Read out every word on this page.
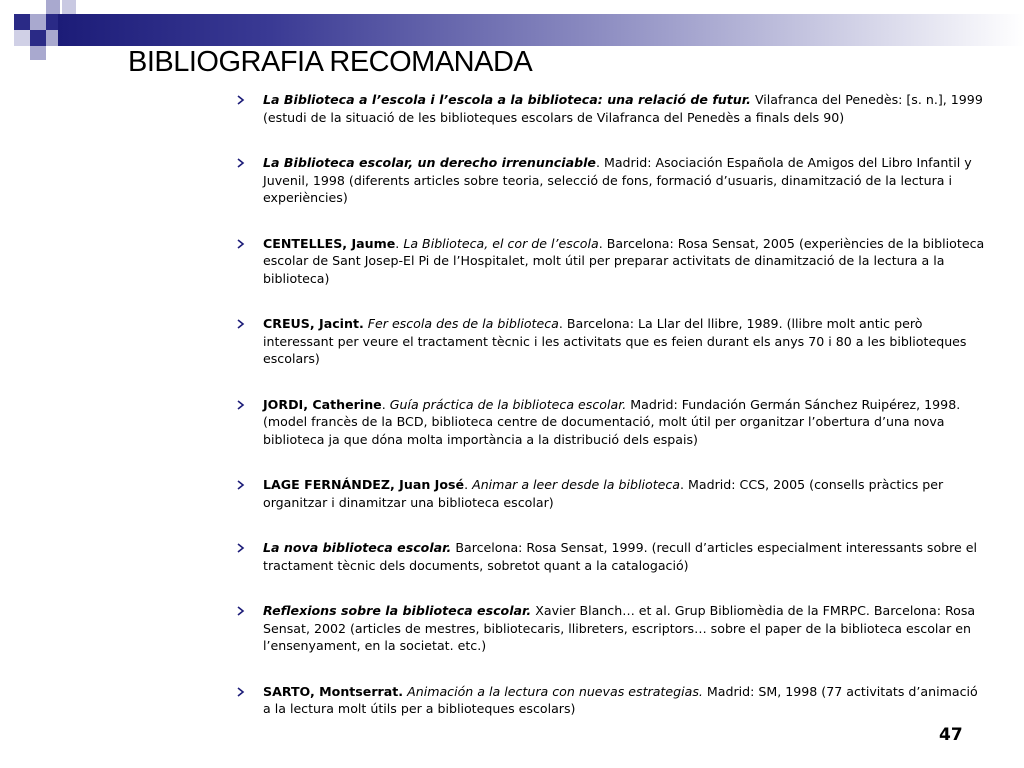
BIBLIOGRAFIA RECOMANADA
La Biblioteca a l’escola i l’escola a la biblioteca: una relació de futur. Vilafranca del Penedès: [s. n.], 1999 (estudi de la situació de les biblioteques escolars de Vilafranca del Penedès a finals dels 90)
La Biblioteca escolar, un derecho irrenunciable. Madrid: Asociación Española de Amigos del Libro Infantil y Juvenil, 1998 (diferents articles sobre teoria, selecció de fons, formació d’usuaris, dinamització de la lectura i experiències)
CENTELLES, Jaume. La Biblioteca, el cor de l’escola. Barcelona: Rosa Sensat, 2005 (experiències de la biblioteca escolar de Sant Josep-El Pi de l’Hospitalet, molt útil per preparar activitats de dinamització de la lectura a la biblioteca)
CREUS, Jacint. Fer escola des de la biblioteca. Barcelona: La Llar del llibre, 1989. (llibre molt antic però interessant per veure el tractament tècnic i les activitats que es feien durant els anys 70 i 80 a les biblioteques escolars)
JORDI, Catherine. Guía práctica de la biblioteca escolar. Madrid: Fundación Germán Sánchez Ruipérez, 1998. (model francès de la BCD, biblioteca centre de documentació, molt útil per organitzar l’obertura d’una nova biblioteca ja que dóna molta importància a la distribució dels espais)
LAGE FERNÁNDEZ, Juan José. Animar a leer desde la biblioteca. Madrid: CCS, 2005 (consells pràctics per organitzar i dinamitzar una biblioteca escolar)
La nova biblioteca escolar. Barcelona: Rosa Sensat, 1999. (recull d’articles especialment interessants sobre el tractament tècnic dels documents, sobretot quant a la catalogació)
Reflexions sobre la biblioteca escolar. Xavier Blanch… et al. Grup Bibliomèdia de la FMRPC. Barcelona: Rosa Sensat, 2002 (articles de mestres, bibliotecaris, llibreters, escriptors… sobre el paper de la biblioteca escolar en l’ensenyament, en la societat. etc.)
SARTO, Montserrat. Animación a la lectura con nuevas estrategias. Madrid: SM, 1998 (77 activitats d’animació a la lectura molt útils per a biblioteques escolars)
47
